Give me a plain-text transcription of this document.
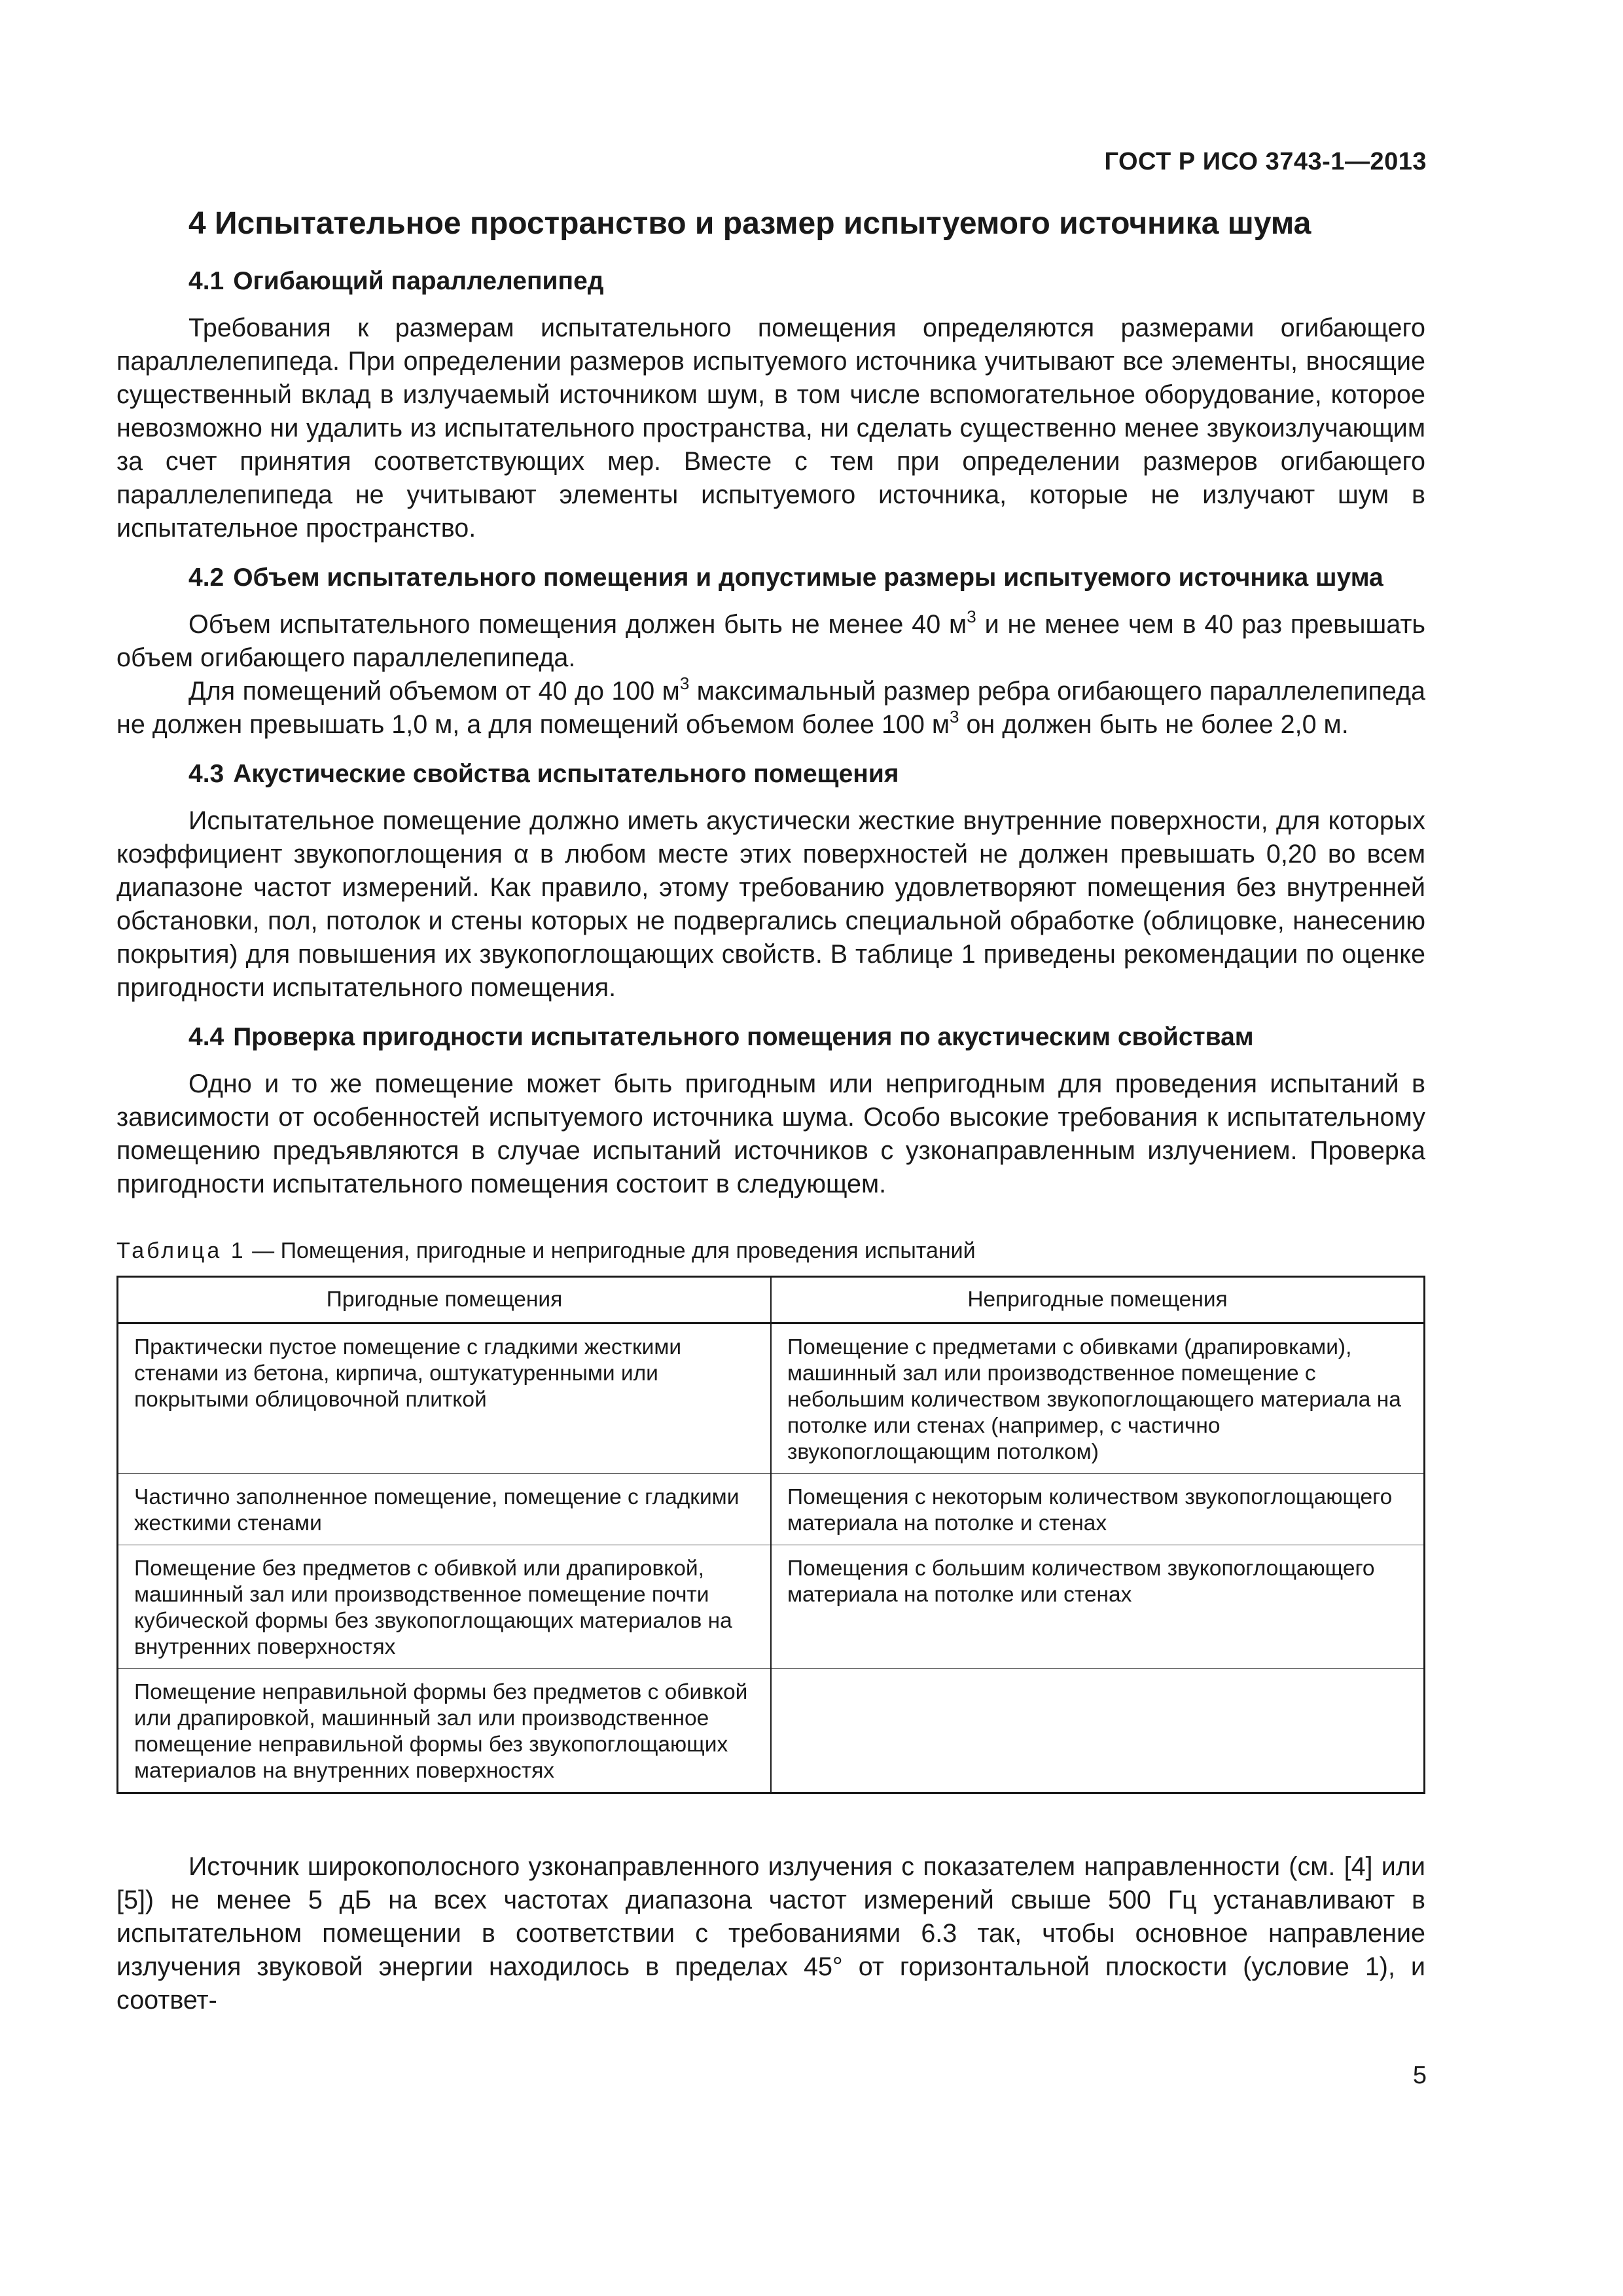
ГОСТ Р ИСО 3743-1—2013
4 Испытательное пространство и размер испытуемого источника шума
4.1 Огибающий параллелепипед

Требования к размерам испытательного помещения определяются размерами огибающего параллелепипеда. При определении размеров испытуемого источника учитывают все элементы, вносящие существенный вклад в излучаемый источником шум, в том числе вспомогательное оборудование, которое невозможно ни удалить из испытательного пространства, ни сделать существенно менее звукоизлучающим за счет принятия соответствующих мер. Вместе с тем при определении размеров огибающего параллелепипеда не учитывают элементы испытуемого источника, которые не излучают шум в испытательное пространство.

4.2 Объем испытательного помещения и допустимые размеры испытуемого источника шума

Объем испытательного помещения должен быть не менее 40 $м^3$ и не менее чем в 40 раз превышать объем огибающего параллелепипеда.

Для помещений объемом от 40 до 100 $м^3$ максимальный размер ребра огибающего параллелепипеда не должен превышать 1,0 м, а для помещений объемом более 100 $м^3$ он должен быть не более 2,0 м.

4.3 Акустические свойства испытательного помещения

Испытательное помещение должно иметь акустически жесткие внутренние поверхности, для которых коэффициент звукопоглощения α в любом месте этих поверхностей не должен превышать 0,20 во всем диапазоне частот измерений. Как правило, этому требованию удовлетворяют помещения без внутренней обстановки, пол, потолок и стены которых не подвергались специальной обработке (облицовке, нанесению покрытия) для повышения их звукопоглощающих свойств. В таблице 1 приведены рекомендации по оценке пригодности испытательного помещения.

4.4 Проверка пригодности испытательного помещения по акустическим свойствам

Одно и то же помещение может быть пригодным или непригодным для проведения испытаний в зависимости от особенностей испытуемого источника шума. Особо высокие требования к испытательному помещению предъявляются в случае испытаний источников с узконаправленным излучением. Проверка пригодности испытательного помещения состоит в следующем.

Таблица 1 — Помещения, пригодные и непригодные для проведения испытаний
Пригодные помещения	Непригодные помещения
Практически пустое помещение с гладкими жесткими стенами из бетона, кирпича, оштукатуренными или покрытыми облицовочной плиткой	Помещение с предметами с обивками (драпировками), машинный зал или производственное помещение с небольшим количеством звукопоглощающего материала на потолке или стенах (например, с частично звукопоглощающим потолком)
Частично заполненное помещение, помещение с гладкими жесткими стенами	Помещения с некоторым количеством звукопоглощающего материала на потолке и стенах
Помещение без предметов с обивкой или драпировкой, машинный зал или производственное помещение почти кубической формы без звукопоглощающих материалов на внутренних поверхностях	Помещения с большим количеством звукопоглощающего материала на потолке или стенах
Помещение неправильной формы без предметов с обивкой или драпировкой, машинный зал или производственное помещение неправильной формы без звукопоглощающих материалов на внутренних поверхностях	

Источник широкополосного узконаправленного излучения с показателем направленности (см. [4] или [5]) не менее 5 дБ на всех частотах диапазона частот измерений свыше 500 Гц устанавливают в испытательном помещении в соответствии с требованиями 6.3 так, чтобы основное направление излучения звуковой энергии находилось в пределах 45° от горизонтальной плоскости (условие 1), и соответ-

5
